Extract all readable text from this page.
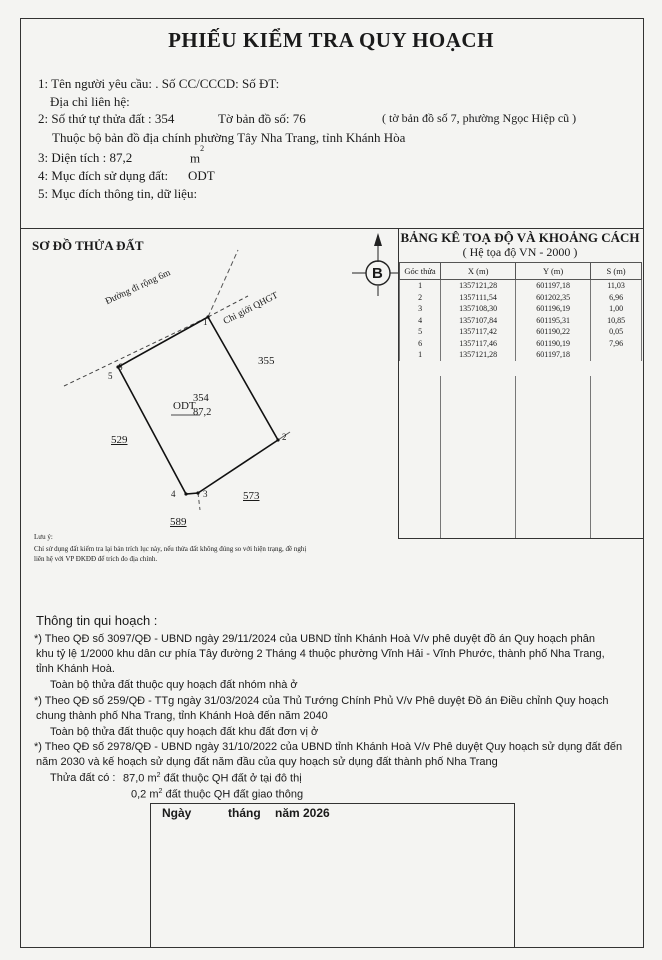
PHIẾU KIỂM TRA QUY HOẠCH
1: Tên người yêu cầu: . Số CC/CCCD: Số ĐT:
Địa chỉ liên hệ:
2: Số thứ tự thửa đất : 354	Tờ bản đồ số: 76	( tờ bản đồ số 7, phường Ngọc Hiệp cũ )
Thuộc bộ bản đồ địa chính phường Tây Nha Trang, tỉnh Khánh Hòa
3: Diện tích : 87,2	$m^2$
4: Mục đích sử dụng đất: ODT
5: Mục đích thông tin, dữ liệu:
SƠ ĐỒ THỬA ĐẤT
B
Đường đi rộng 6m
Chỉ giới QHGT
ODT
354
87,2
355
529
573
589
1
2
3
4
5
6
BẢNG KÊ TOẠ ĐỘ VÀ KHOẢNG CÁCH
( Hệ tọa độ VN - 2000 )
Góc thửa	X (m)	Y (m)	S (m)
1	1357121,28	601197,18	11,03
2	1357111,54	601202,35	6,96
3	1357108,30	601196,19	1,00
4	1357107,84	601195,31	10,85
5	1357117,42	601190,22	0,05
6	1357117,46	601190,19	7,96
1	1357121,28	601197,18	
Lưu ý:
Chỉ sử dụng đất kiểm tra lại bản trích lục này, nếu thửa đất không đúng so với hiện trạng, đề nghị
liên hệ với VP ĐKĐĐ để trích đo địa chính.
Thông tin qui hoạch :
*) Theo QĐ số 3097/QĐ - UBND ngày 29/11/2024 của UBND tỉnh Khánh Hoà V/v phê duyệt đồ án Quy hoạch phân
khu tỷ lệ 1/2000 khu dân cư phía Tây đường 2 Tháng 4 thuộc phường Vĩnh Hải - Vĩnh Phước, thành phố Nha Trang,
tỉnh Khánh Hoà.
Toàn bộ thửa đất thuộc quy hoạch đất nhóm nhà ở
*) Theo QĐ số 259/QĐ - TTg ngày 31/03/2024 của Thủ Tướng Chính Phủ V/v Phê duyệt Đồ án Điều chỉnh Quy hoạch
chung thành phố Nha Trang, tỉnh Khánh Hoà đến năm 2040
Toàn bộ thửa đất thuộc quy hoạch đất khu đất đơn vị ở
*) Theo QĐ số 2978/QĐ - UBND ngày 31/10/2022 của UBND tỉnh Khánh Hoà V/v Phê duyệt Quy hoạch sử dụng đất đến
năm 2030 và kế hoạch sử dụng đất năm đầu của quy hoạch sử dụng đất thành phố Nha Trang
Thửa đất có : 87,0 $m^2$ đất thuộc QH đất ở tại đô thị
0,2 $m^2$ đất thuộc QH đất giao thông
Ngày	tháng năm 2026
